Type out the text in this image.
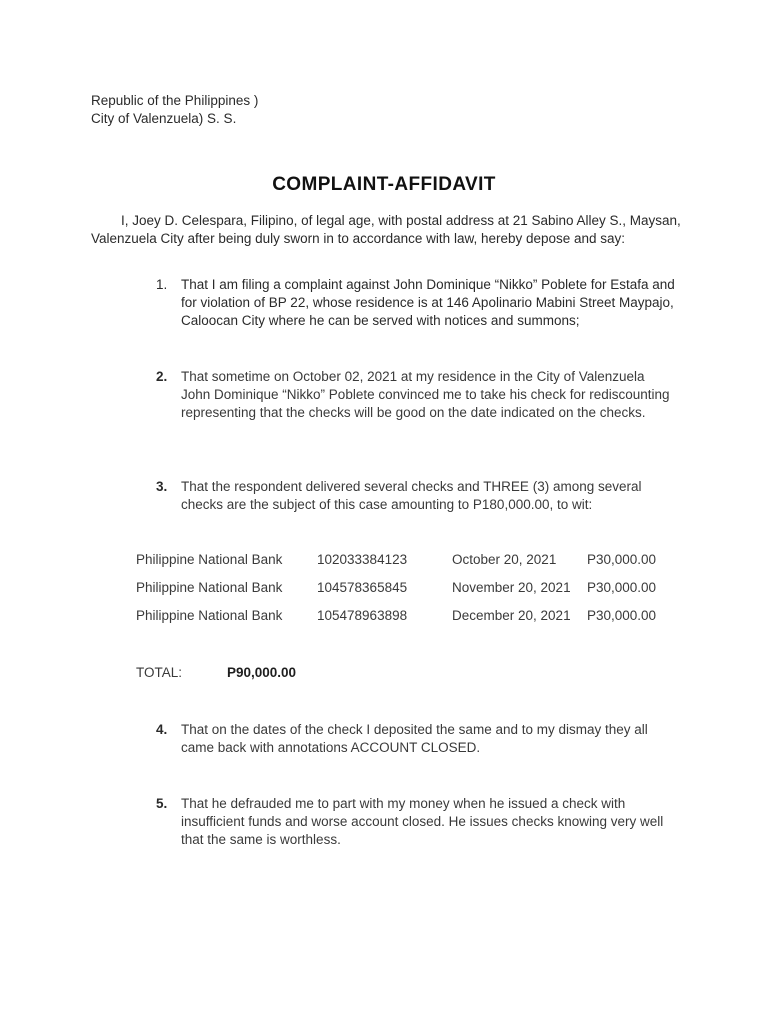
Republic of the Philippines )
City of Valenzuela) S. S.
COMPLAINT-AFFIDAVIT
I, Joey D. Celespara, Filipino, of legal age, with postal address at 21 Sabino Alley S., Maysan, Valenzuela City after being duly sworn in to accordance with law, hereby depose and say:
1.	That I am filing a complaint against John Dominique “Nikko” Poblete for Estafa and for violation of BP 22, whose residence is at 146 Apolinario Mabini Street Maypajo, Caloocan City where he can be served with notices and summons;
2.	That sometime on October 02, 2021 at my residence in the City of Valenzuela John Dominique “Nikko” Poblete convinced me to take his check for rediscounting representing that the checks will be good on the date indicated on the checks.
3.	That the respondent delivered several checks and THREE (3) among several checks are the subject of this case amounting to P180,000.00, to wit:
Philippine National Bank	102033384123	October 20, 2021 P30,000.00
Philippine National Bank	104578365845	November 20, 2021 P30,000.00
Philippine National Bank	105478963898	December 20, 2021 P30,000.00
TOTAL:	P90,000.00
4.	That on the dates of the check I deposited the same and to my dismay they all came back with annotations ACCOUNT CLOSED.
5.	That he defrauded me to part with my money when he issued a check with insufficient funds and worse account closed. He issues checks knowing very well that the same is worthless.
